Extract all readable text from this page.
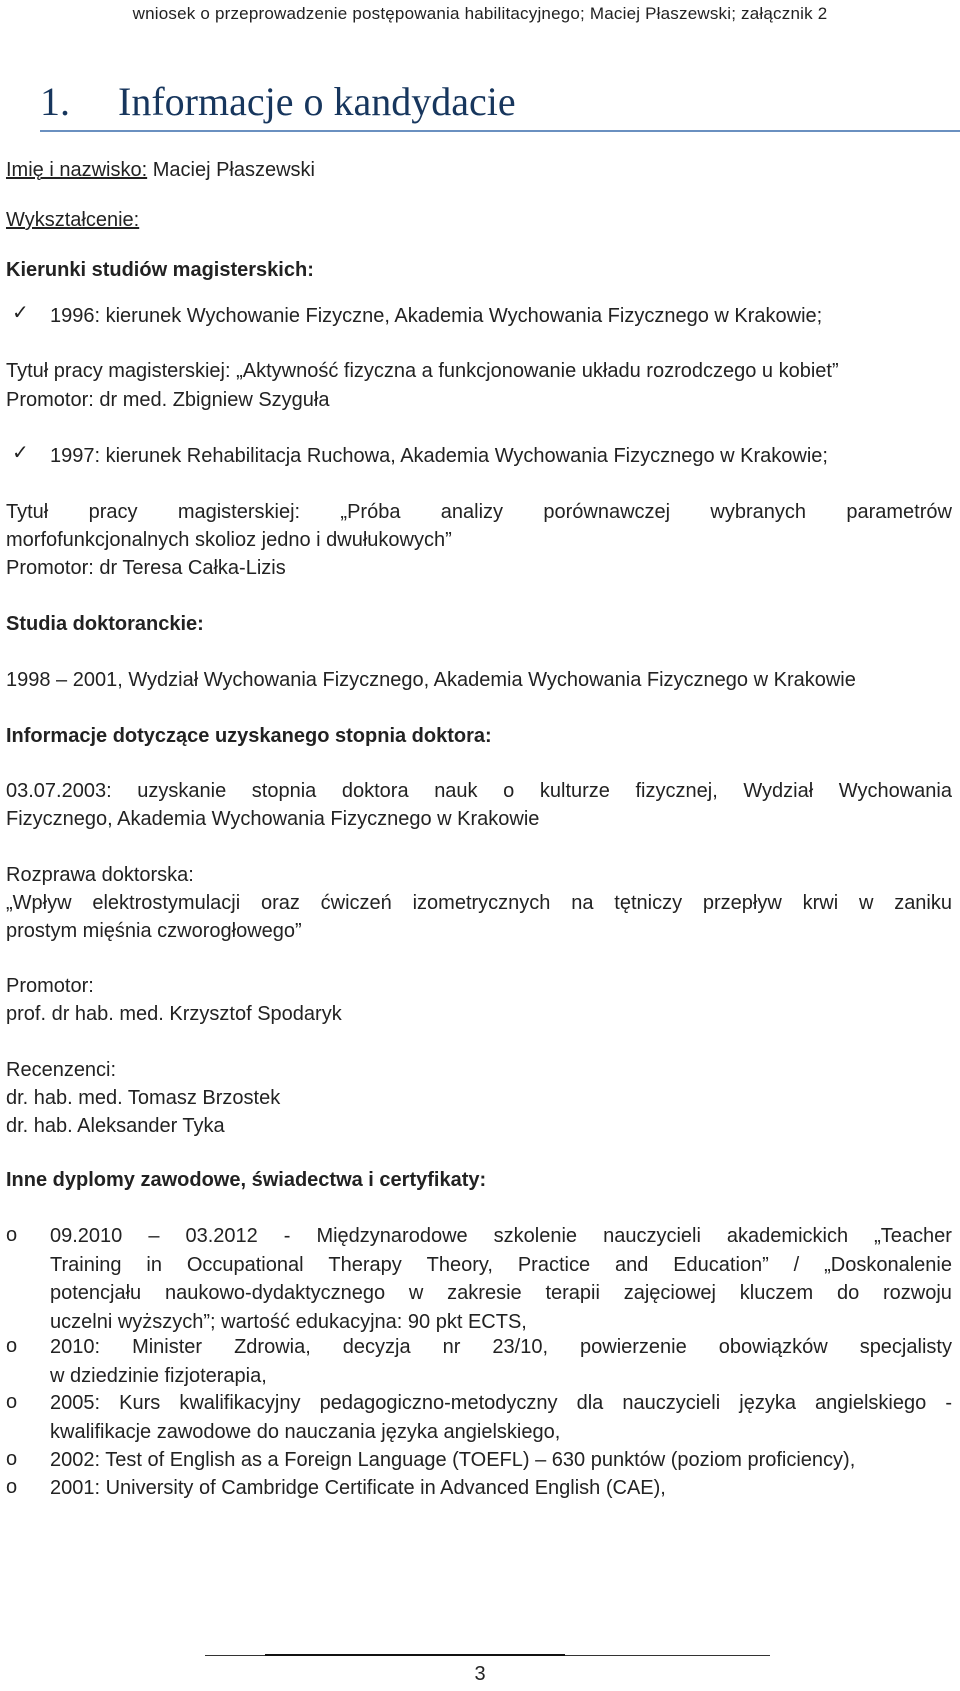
wniosek o przeprowadzenie postępowania habilitacyjnego; Maciej Płaszewski; załącznik 2
1. Informacje o kandydacie
Imię i nazwisko: Maciej Płaszewski
Wykształcenie:
Kierunki studiów magisterskich:
✓ 1996: kierunek Wychowanie Fizyczne, Akademia Wychowania Fizycznego w Krakowie;
Tytuł pracy magisterskiej: „Aktywność fizyczna a funkcjonowanie układu rozrodczego u kobiet”
Promotor: dr med. Zbigniew Szyguła
✓ 1997: kierunek Rehabilitacja Ruchowa, Akademia Wychowania Fizycznego w Krakowie;
Tytuł pracy magisterskiej: „Próba analizy porównawczej wybranych parametrów
morfofunkcjonalnych skolioz jedno i dwułukowych”
Promotor: dr Teresa Całka-Lizis
Studia doktoranckie:
1998 – 2001, Wydział Wychowania Fizycznego, Akademia Wychowania Fizycznego w Krakowie
Informacje dotyczące uzyskanego stopnia doktora:
03.07.2003: uzyskanie stopnia doktora nauk o kulturze fizycznej, Wydział Wychowania
Fizycznego, Akademia Wychowania Fizycznego w Krakowie
Rozprawa doktorska:
„Wpływ elektrostymulacji oraz ćwiczeń izometrycznych na tętniczy przepływ krwi w zaniku
prostym mięśnia czworogłowego”
Promotor:
prof. dr hab. med. Krzysztof Spodaryk
Recenzenci:
dr. hab. med. Tomasz Brzostek
dr. hab. Aleksander Tyka
Inne dyplomy zawodowe, świadectwa i certyfikaty:
o 09.2010 – 03.2012 - Międzynarodowe szkolenie nauczycieli akademickich „Teacher
Training in Occupational Therapy Theory, Practice and Education” / „Doskonalenie
potencjału naukowo-dydaktycznego w zakresie terapii zajęciowej kluczem do rozwoju
uczelni wyższych”; wartość edukacyjna: 90 pkt ECTS,
o 2010: Minister Zdrowia, decyzja nr 23/10, powierzenie obowiązków specjalisty
w dziedzinie fizjoterapia,
o 2005: Kurs kwalifikacyjny pedagogiczno-metodyczny dla nauczycieli języka angielskiego -
kwalifikacje zawodowe do nauczania języka angielskiego,
o 2002: Test of English as a Foreign Language (TOEFL) – 630 punktów (poziom proficiency),
o 2001: University of Cambridge Certificate in Advanced English (CAE),
3
